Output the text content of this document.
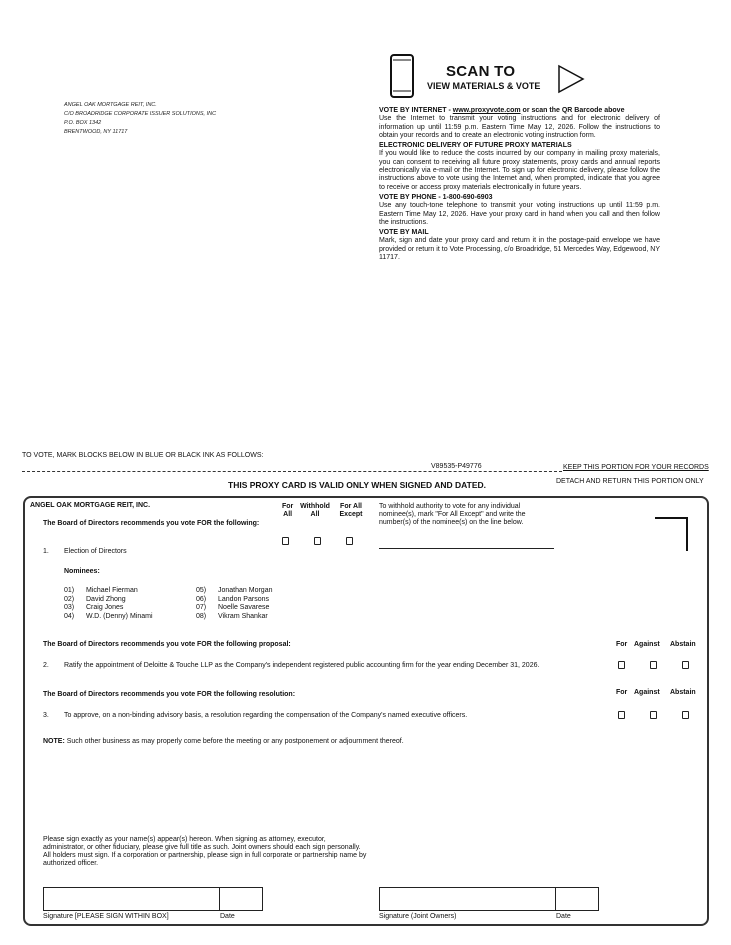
ANGEL OAK MORTGAGE REIT, INC.
C/O BROADRIDGE CORPORATE ISSUER SOLUTIONS, INC
P.O. BOX 1342
BRENTWOOD, NY 11717
SCAN TO
VIEW MATERIALS & VOTE
VOTE BY INTERNET - www.proxyvote.com or scan the QR Barcode above

Use the Internet to transmit your voting instructions and for electronic delivery of information up until 11:59 p.m. Eastern Time May 12, 2026. Follow the instructions to obtain your records and to create an electronic voting instruction form.

ELECTRONIC DELIVERY OF FUTURE PROXY MATERIALS

If you would like to reduce the costs incurred by our company in mailing proxy materials, you can consent to receiving all future proxy statements, proxy cards and annual reports electronically via e-mail or the Internet. To sign up for electronic delivery, please follow the instructions above to vote using the Internet and, when prompted, indicate that you agree to receive or access proxy materials electronically in future years.

VOTE BY PHONE - 1-800-690-6903

Use any touch-tone telephone to transmit your voting instructions up until 11:59 p.m. Eastern Time May 12, 2026. Have your proxy card in hand when you call and then follow the instructions.

VOTE BY MAIL

Mark, sign and date your proxy card and return it in the postage-paid envelope we have provided or return it to Vote Processing, c/o Broadridge, 51 Mercedes Way, Edgewood, NY 11717.

TO VOTE, MARK BLOCKS BELOW IN BLUE OR BLACK INK AS FOLLOWS:
V89535-P49776	KEEP THIS PORTION FOR YOUR RECORDS
THIS PROXY CARD IS VALID ONLY WHEN SIGNED AND DATED.	DETACH AND RETURN THIS PORTION ONLY
ANGEL OAK MORTGAGE REIT, INC.	For
All
Withhold
All
For All
Except
To withhold authority to vote for any individual nominee(s), mark "For All Except" and write the number(s) of the nominee(s) on the line below.
The Board of Directors recommends you vote FOR the following:
1. Election of Directors
Nominees:
01) Michael Fierman
02) David Zhong
03) Craig Jones
04) W.D. (Denny) Minami
05) Jonathan Morgan
06) Landon Parsons
07) Noelle Savarese
08) Vikram Shankar
The Board of Directors recommends you vote FOR the following proposal:	For Against Abstain
2. Ratify the appointment of Deloitte & Touche LLP as the Company's independent registered public accounting firm for the year ending December 31, 2026.
The Board of Directors recommends you vote FOR the following resolution:	For Against Abstain
3. To approve, on a non-binding advisory basis, a resolution regarding the compensation of the Company's named executive officers.
NOTE: Such other business as may properly come before the meeting or any postponement or adjournment thereof.
Please sign exactly as your name(s) appear(s) hereon. When signing as attorney, executor, administrator, or other fiduciary, please give full title as such. Joint owners should each sign personally. All holders must sign. If a corporation or partnership, please sign in full corporate or partnership name by authorized officer.
Signature [PLEASE SIGN WITHIN BOX]	Date	Signature (Joint Owners)	Date
